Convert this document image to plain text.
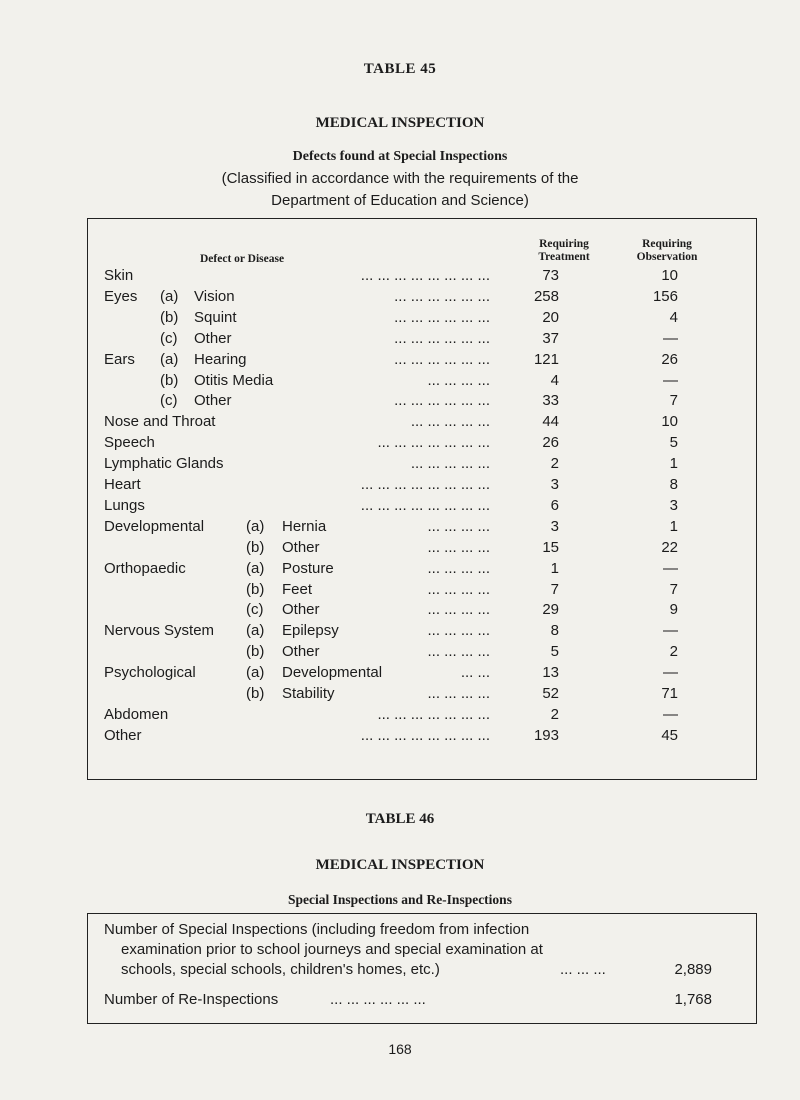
TABLE 45
MEDICAL INSPECTION
Defects found at Special Inspections
(Classified in accordance with the requirements of the
Department of Education and Science)
Defect or Disease
Requiring
Treatment
Requiring
Observation
Skin	73	10
... ... ... ... ... ... ... ...
Eyes (a) Vision	258	156
... ... ... ... ... ...
(b) Squint	20	4
... ... ... ... ... ...
(c) Other	37	—
... ... ... ... ... ...
Ears (a) Hearing	121	26
... ... ... ... ... ...
(b) Otitis Media	4	—
... ... ... ...
(c) Other	33	7
... ... ... ... ... ...
Nose and Throat	44	10
... ... ... ... ...
Speech	26	5
... ... ... ... ... ... ...
Lymphatic Glands	2	1
... ... ... ... ...
Heart	3	8
... ... ... ... ... ... ... ...
Lungs	6	3
... ... ... ... ... ... ... ...
Developmental	(a) Hernia	3	1
... ... ... ...
(b) Other	15	22
... ... ... ...
Orthopaedic	(a) Posture	1	—
... ... ... ...
(b) Feet	7	7
... ... ... ...
(c) Other	29	9
... ... ... ...
Nervous System (a) Epilepsy	8	—
... ... ... ...
(b) Other	5	2
... ... ... ...
Psychological	(a) Developmental	13	—
... ...
(b) Stability	52	71
... ... ... ...
Abdomen	2	—
... ... ... ... ... ... ...
Other	193	45
... ... ... ... ... ... ... ...
TABLE 46
MEDICAL INSPECTION
Special Inspections and Re-Inspections
Number of Special Inspections (including freedom from infection
examination prior to school journeys and special examination at
schools, special schools, children's homes, etc.)	... ... ...	2,889
Number of Re-Inspections	... ... ... ... ... ...	1,768
168
